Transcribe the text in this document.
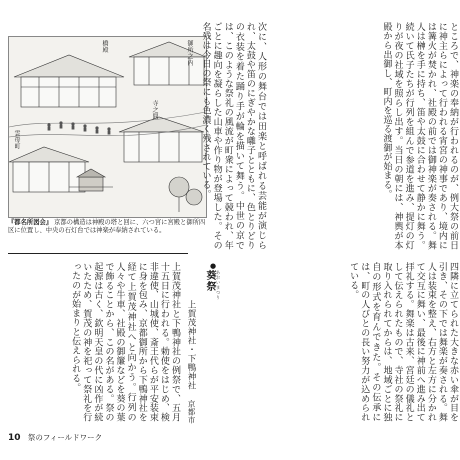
橋殿	御所之内
寺之間
雲母町
『都名所図会』 京都の構造は神殿の塔と回に、六つ宮に宮殿と御所四区に位置し、中央の石灯台では神楽が奉納されている。	ところで、神楽の奉納が行われるのが、例大祭の前日に神主らによって行われる宵宮の神事であり、境内には篝火が焚かれ、社殿の前では御神楽が奏される。舞人は榊を手に持ち、笛や太鼓に合わせて静かに舞う。続いて氏子たちが行列を組んで参道を進み、提灯の灯りが夜の社域を照らし出す。当日の朝には、神輿が本殿から出御し、町内を巡る渡御が始まる。
次に、人形の舞台では田楽と呼ばれる芸能が演じられ、太鼓や笛のにぎやかな囃子とともに、色とりどりの衣装を着た踊り手が輪を描いて舞う。中世の京では、このような祭礼の風流が町衆によって競われ、年ごとに趣向を凝らした山車や作り物が登場した。その名残は今日の祭にも色濃く残されている。
●
葵祭 あおいまつり
上賀茂神社・下鴨神社
京都市	四隣に立てられた大きな赤い傘が目を引き、その下では舞楽が奏される。舞人は装束を整え、右方と左方に分かれて交互に舞い、最後に神前へ進み出て拝礼する。舞楽は古来、宮廷の儀礼として伝えられたもので、寺社の祭礼に取り入れられてからは、地域ごとに独自の形式を育んできた。その伝承には、町の人びとの長い努力が込められている。
上賀茂神社と下鴨神社の例祭で、五月十五日に行われる。勅使をはじめ、検非違使、山城使、斎王代らが平安装束に身を包み、京都御所から下鴨神社を経て上賀茂神社へと向かう。行列の人々や牛車、社殿の御簾などを葵の葉で飾ることから、この名がある。祭の起源は古く、欽明天皇の代に凶作が続いたため、賀茂の神を祀って祭礼を行ったのが始まりと伝えられる。
10 祭のフィールドワーク
